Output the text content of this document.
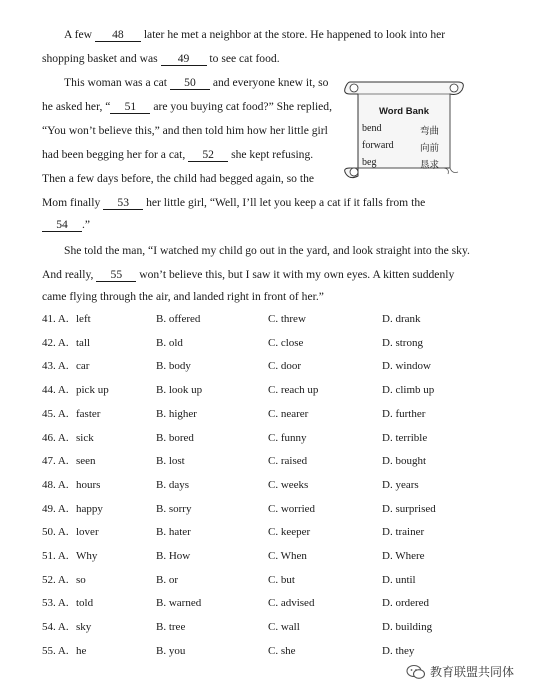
A few 48 later he met a neighbor at the store. He happened to look into her
shopping basket and was 49 to see cat food.
This woman was a cat 50 and everyone knew it, so
he asked her, “ 51 are you buying cat food?” She replied,
“You won’t believe this,” and then told him how her little girl
had been begging her for a cat, 52 she kept refusing.
Then a few days before, the child had begged again, so the
Mom finally 53 her little girl, “Well, I’ll let you keep a cat if it falls from the
54 .”
She told the man, “I watched my child go out in the yard, and look straight into the sky.
And really, 55 won’t believe this, but I saw it with my own eyes. A kitten suddenly
came flying through the air, and landed right in front of her.”
Word Bank
bend	弯曲
forward	向前
beg	恳求
41. A. left	B. offered	C. threw	D. drank
42. A. tall	B. old	C. close	D. strong
43. A. car	B. body	C. door	D. window
44. A. pick up	B. look up	C. reach up	D. climb up
45. A. faster	B. higher	C. nearer	D. further
46. A. sick	B. bored	C. funny	D. terrible
47. A. seen	B. lost	C. raised	D. bought
48. A. hours	B. days	C. weeks	D. years
49. A. happy	B. sorry	C. worried	D. surprised
50. A. lover	B. hater	C. keeper	D. trainer
51. A. Why	B. How	C. When	D. Where
52. A. so	B. or	C. but	D. until
53. A. told	B. warned	C. advised	D. ordered
54. A. sky	B. tree	C. wall	D. building
55. A. he	B. you	C. she	D. they
教育联盟共同体
